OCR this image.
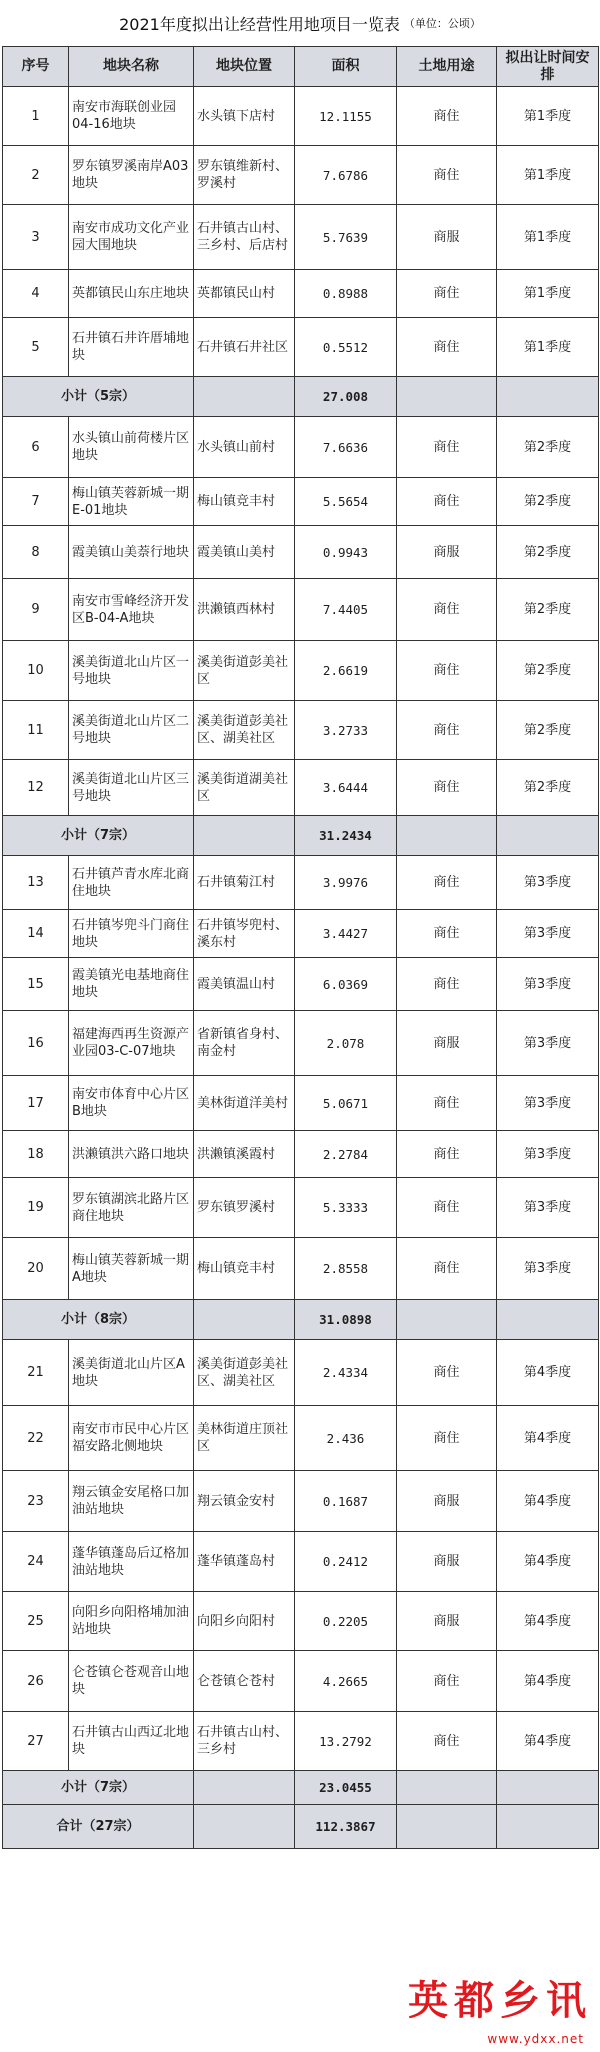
2021年度拟出让经营性用地项目一览表 （单位：公顷）
序号	地块名称	地块位置	面积	土地用途	拟出让时间安排
1	南安市海联创业园04-16地块	水头镇下店村	12.1155	商住	第1季度
2	罗东镇罗溪南岸A03地块	罗东镇维新村、罗溪村	7.6786	商住	第1季度
3	南安市成功文化产业园大围地块	石井镇古山村、三乡村、后店村	5.7639	商服	第1季度
4	英都镇民山东庄地块	英都镇民山村	0.8988	商住	第1季度
5	石井镇石井许厝埔地块	石井镇石井社区	0.5512	商住	第1季度
小计（5宗）			27.008		
6	水头镇山前荷楼片区地块	水头镇山前村	7.6636	商住	第2季度
7	梅山镇芙蓉新城一期E-01地块	梅山镇竞丰村	5.5654	商住	第2季度
8	霞美镇山美萘行地块	霞美镇山美村	0.9943	商服	第2季度
9	南安市雪峰经济开发区B-04-A地块	洪濑镇西林村	7.4405	商住	第2季度
10	溪美街道北山片区一号地块	溪美街道彭美社区	2.6619	商住	第2季度
11	溪美街道北山片区二号地块	溪美街道彭美社区、湖美社区	3.2733	商住	第2季度
12	溪美街道北山片区三号地块	溪美街道湖美社区	3.6444	商住	第2季度
小计（7宗）			31.2434		
13	石井镇芦青水库北商住地块	石井镇菊江村	3.9976	商住	第3季度
14	石井镇岑兜斗门商住地块	石井镇岑兜村、溪东村	3.4427	商住	第3季度
15	霞美镇光电基地商住地块	霞美镇温山村	6.0369	商住	第3季度
16	福建海西再生资源产业园03-C-07地块	省新镇省身村、南金村	2.078	商服	第3季度
17	南安市体育中心片区B地块	美林街道洋美村	5.0671	商住	第3季度
18	洪濑镇洪六路口地块	洪濑镇溪霞村	2.2784	商住	第3季度
19	罗东镇湖滨北路片区商住地块	罗东镇罗溪村	5.3333	商住	第3季度
20	梅山镇芙蓉新城一期A地块	梅山镇竞丰村	2.8558	商住	第3季度
小计（8宗）			31.0898		
21	溪美街道北山片区A地块	溪美街道彭美社区、湖美社区	2.4334	商住	第4季度
22	南安市市民中心片区福安路北侧地块	美林街道庄顶社区	2.436	商住	第4季度
23	翔云镇金安尾格口加油站地块	翔云镇金安村	0.1687	商服	第4季度
24	蓬华镇蓬岛后辽格加油站地块	蓬华镇蓬岛村	0.2412	商服	第4季度
25	向阳乡向阳格埔加油站地块	向阳乡向阳村	0.2205	商服	第4季度
26	仑苍镇仑苍观音山地块	仑苍镇仑苍村	4.2665	商住	第4季度
27	石井镇古山西辽北地块	石井镇古山村、三乡村	13.2792	商住	第4季度
小计（7宗）			23.0455		
合计（27宗）			112.3867		
英都乡讯
www.ydxx.net
